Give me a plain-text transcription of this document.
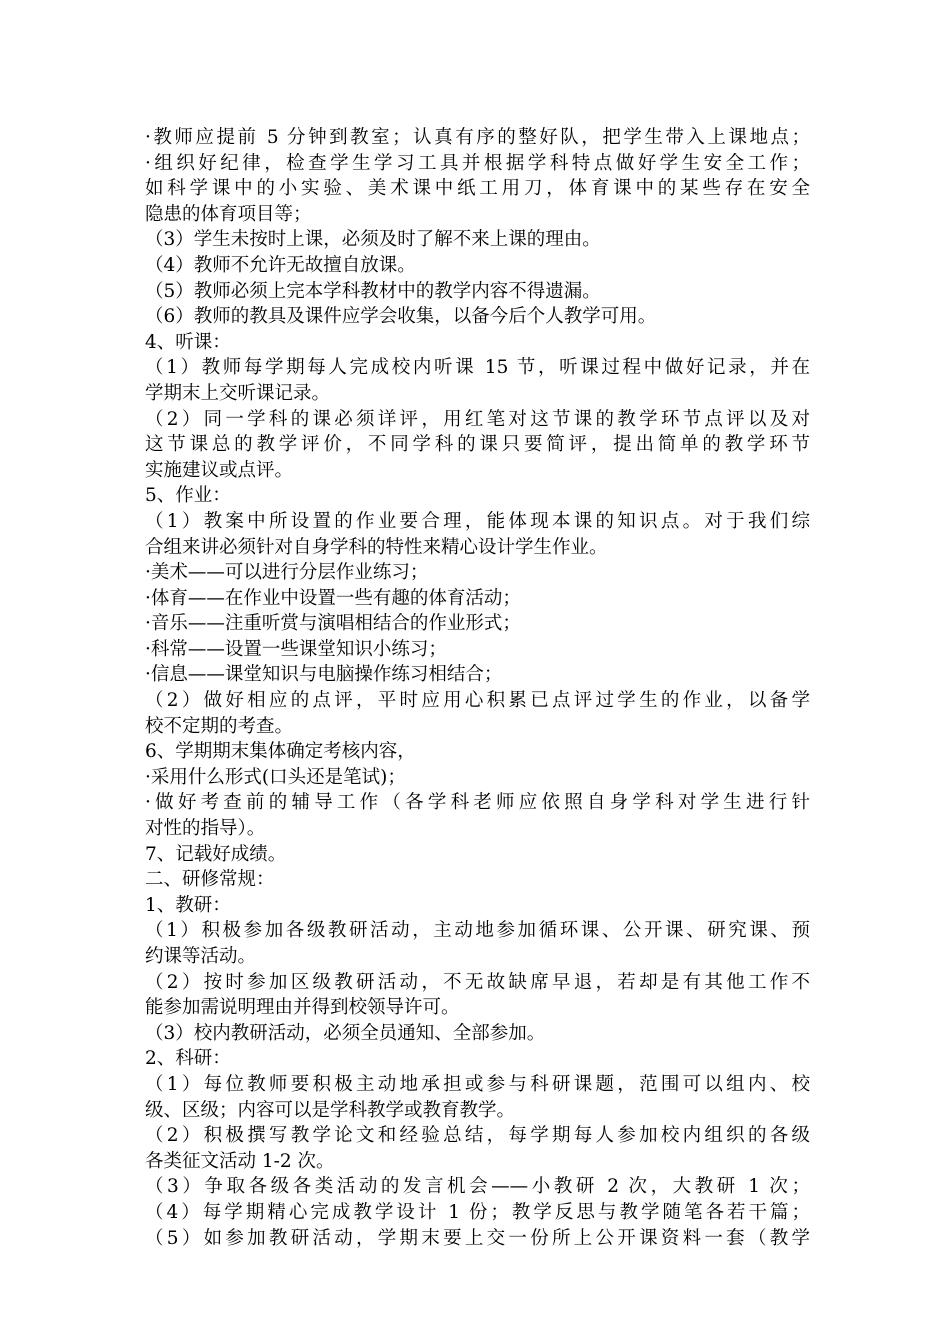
·教师应提前 5 分钟到教室；认真有序的整好队，把学生带入上课地点；
·组织好纪律，检查学生学习工具并根据学科特点做好学生安全工作；
如科学课中的小实验、美术课中纸工用刀，体育课中的某些存在安全
隐患的体育项目等；
（3）学生未按时上课，必须及时了解不来上课的理由。
（4）教师不允许无故擅自放课。
（5）教师必须上完本学科教材中的教学内容不得遗漏。
（6）教师的教具及课件应学会收集，以备今后个人教学可用。
4、听课：
（1）教师每学期每人完成校内听课 15 节，听课过程中做好记录，并在
学期末上交听课记录。
（2）同一学科的课必须详评，用红笔对这节课的教学环节点评以及对
这节课总的教学评价，不同学科的课只要简评，提出简单的教学环节
实施建议或点评。
5、作业：
（1）教案中所设置的作业要合理，能体现本课的知识点。对于我们综
合组来讲必须针对自身学科的特性来精心设计学生作业。
·美术——可以进行分层作业练习；
·体育——在作业中设置一些有趣的体育活动；
·音乐——注重听赏与演唱相结合的作业形式；
·科常——设置一些课堂知识小练习；
·信息——课堂知识与电脑操作练习相结合；
（2）做好相应的点评，平时应用心积累已点评过学生的作业，以备学
校不定期的考查。
6、学期期末集体确定考核内容，
·采用什么形式(口头还是笔试)；
·做好考查前的辅导工作（各学科老师应依照自身学科对学生进行针
对性的指导）。
7、记载好成绩。
二、研修常规：
1、教研：
（1）积极参加各级教研活动，主动地参加循环课、公开课、研究课、预
约课等活动。
（2）按时参加区级教研活动，不无故缺席早退，若却是有其他工作不
能参加需说明理由并得到校领导许可。
（3）校内教研活动，必须全员通知、全部参加。
2、科研：
（1）每位教师要积极主动地承担或参与科研课题，范围可以组内、校
级、区级；内容可以是学科教学或教育教学。
（2）积极撰写教学论文和经验总结，每学期每人参加校内组织的各级
各类征文活动 1-2 次。
（3）争取各级各类活动的发言机会——小教研 2 次，大教研 1 次；
（4）每学期精心完成教学设计 1 份；教学反思与教学随笔各若干篇；
（5）如参加教研活动，学期末要上交一份所上公开课资料一套（教学
